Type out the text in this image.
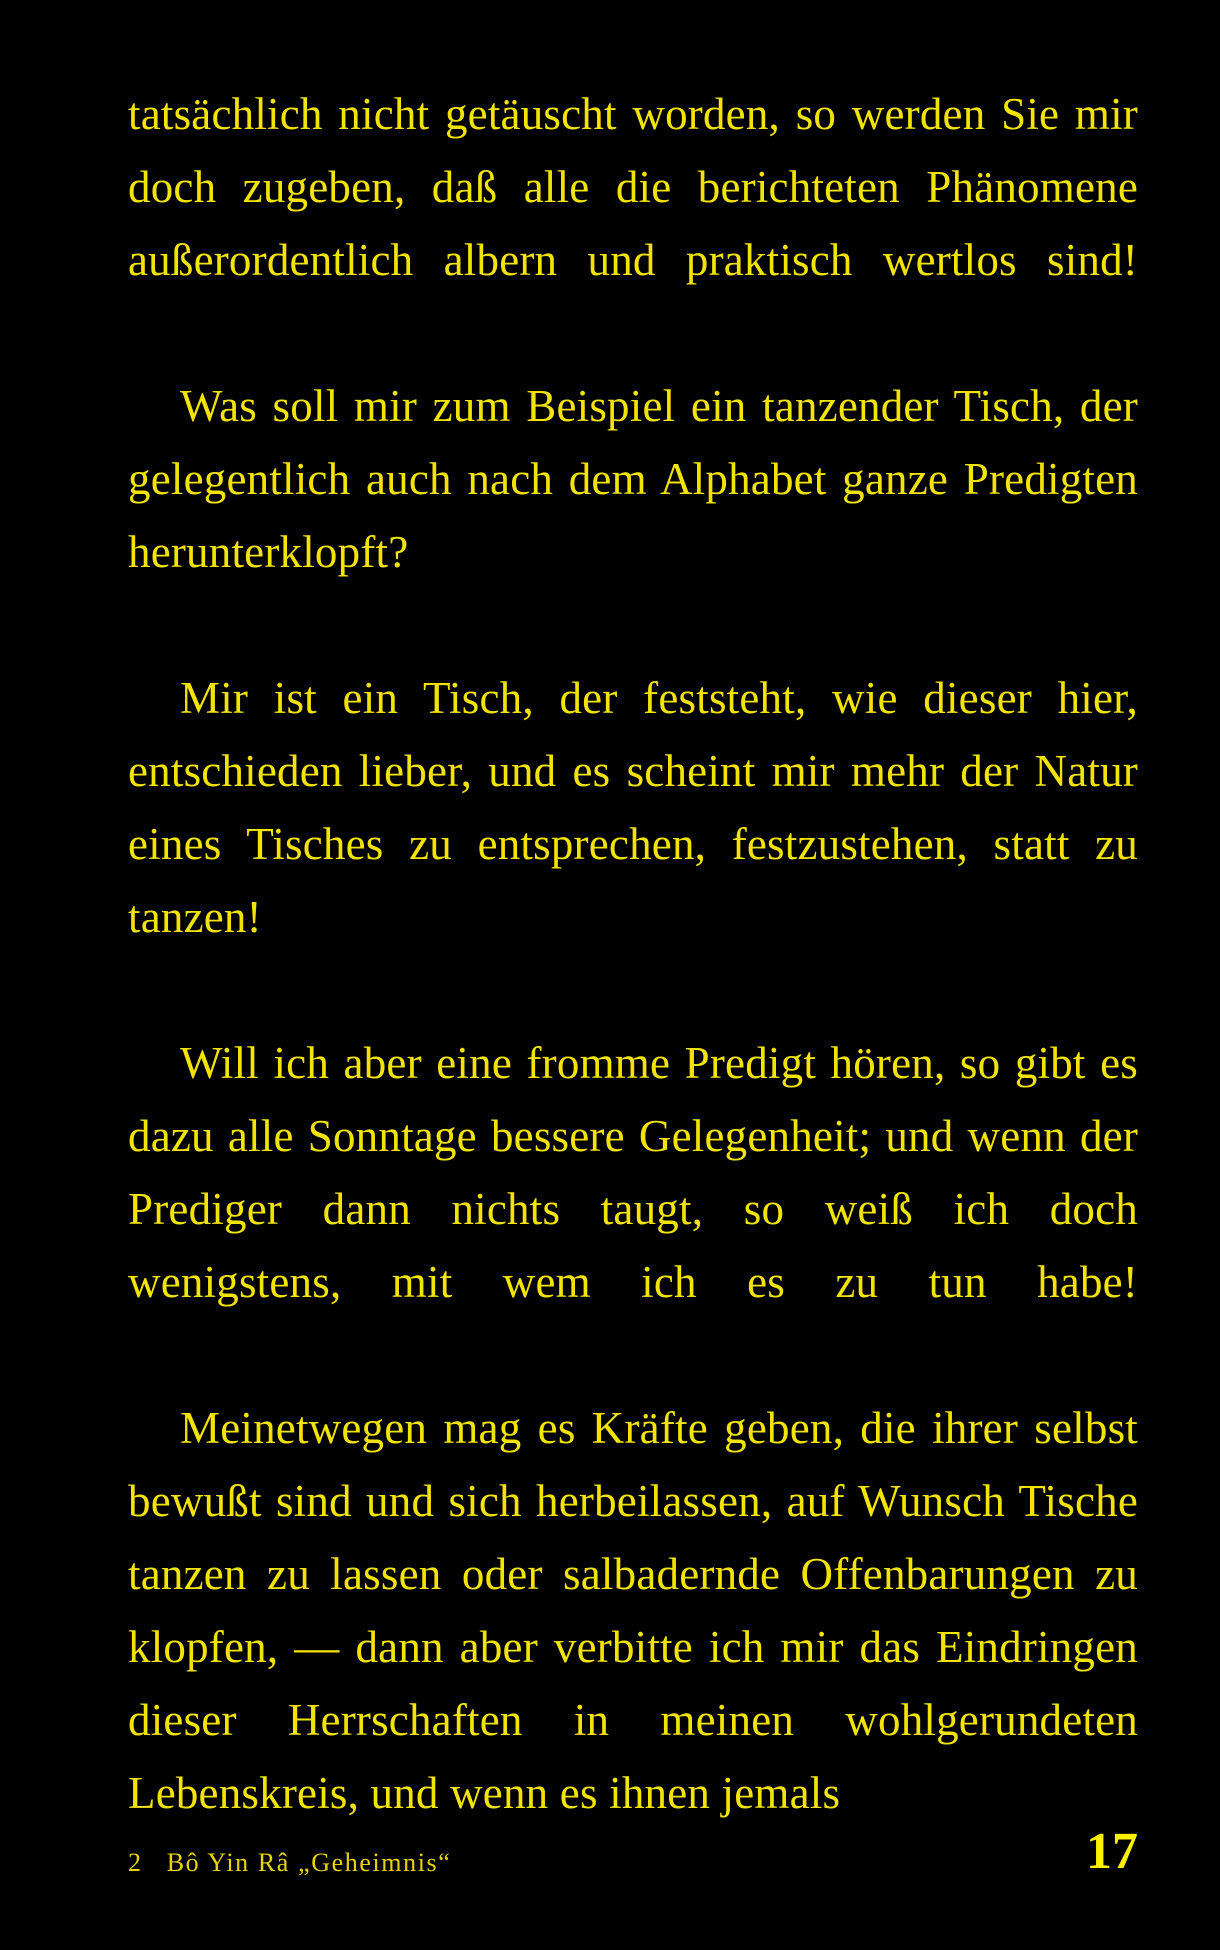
tatsächlich nicht getäuscht worden, so werden Sie mir doch zugeben, daß alle die berichteten Phänomene außerordentlich albern und praktisch wertlos sind!

Was soll mir zum Beispiel ein tanzender Tisch, der gelegentlich auch nach dem Alphabet ganze Predigten herunterklopft?

Mir ist ein Tisch, der feststeht, wie dieser hier, entschieden lieber, und es scheint mir mehr der Natur eines Tisches zu entsprechen, festzustehen, statt zu tanzen!

Will ich aber eine fromme Predigt hören, so gibt es dazu alle Sonntage bessere Gelegenheit; und wenn der Prediger dann nichts taugt, so weiß ich doch wenigstens, mit wem ich es zu tun habe!

Meinetwegen mag es Kräfte geben, die ihrer selbst bewußt sind und sich herbeilassen, auf Wunsch Tische tanzen zu lassen oder salbadernde Offenbarungen zu klopfen, — dann aber verbitte ich mir das Eindringen dieser Herrschaften in meinen wohlgerundeten Lebenskreis, und wenn es ihnen jemals

2 Bô Yin Râ „Geheimnis“	17
